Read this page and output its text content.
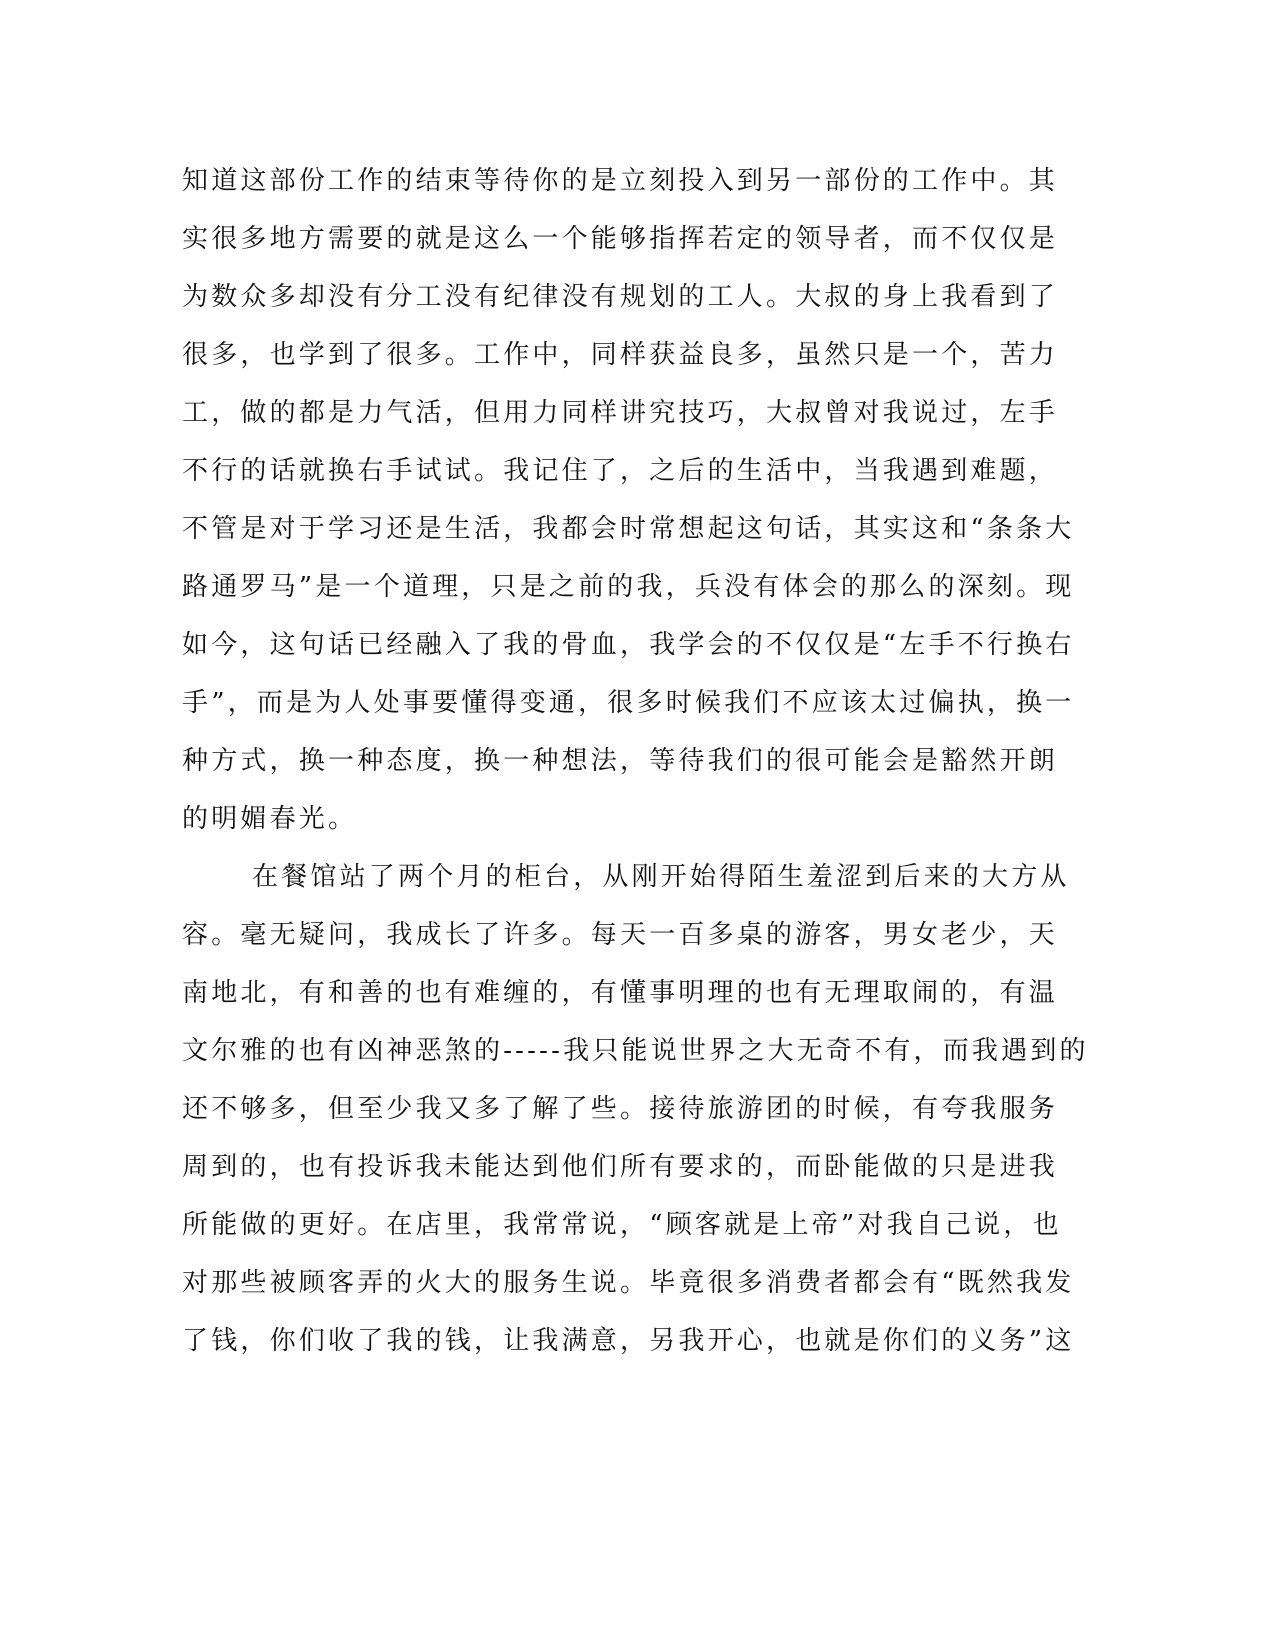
知道这部份工作的结束等待你的是立刻投入到另一部份的工作中。其
实很多地方需要的就是这么一个能够指挥若定的领导者，而不仅仅是
为数众多却没有分工没有纪律没有规划的工人。大叔的身上我看到了
很多，也学到了很多。工作中，同样获益良多，虽然只是一个，苦力
工，做的都是力气活，但用力同样讲究技巧，大叔曾对我说过，左手
不行的话就换右手试试。我记住了，之后的生活中，当我遇到难题，
不管是对于学习还是生活，我都会时常想起这句话，其实这和“条条大
路通罗马”是一个道理，只是之前的我，兵没有体会的那么的深刻。现
如今，这句话已经融入了我的骨血，我学会的不仅仅是“左手不行换右
手”，而是为人处事要懂得变通，很多时候我们不应该太过偏执，换一
种方式，换一种态度，换一种想法，等待我们的很可能会是豁然开朗
的明媚春光。
在餐馆站了两个月的柜台，从刚开始得陌生羞涩到后来的大方从
容。毫无疑问，我成长了许多。每天一百多桌的游客，男女老少，天
南地北，有和善的也有难缠的，有懂事明理的也有无理取闹的，有温
文尔雅的也有凶神恶煞的-----我只能说世界之大无奇不有，而我遇到的
还不够多，但至少我又多了解了些。接待旅游团的时候，有夸我服务
周到的，也有投诉我未能达到他们所有要求的，而卧能做的只是进我
所能做的更好。在店里，我常常说，“顾客就是上帝”对我自己说，也
对那些被顾客弄的火大的服务生说。毕竟很多消费者都会有“既然我发
了钱，你们收了我的钱，让我满意，另我开心，也就是你们的义务”这
